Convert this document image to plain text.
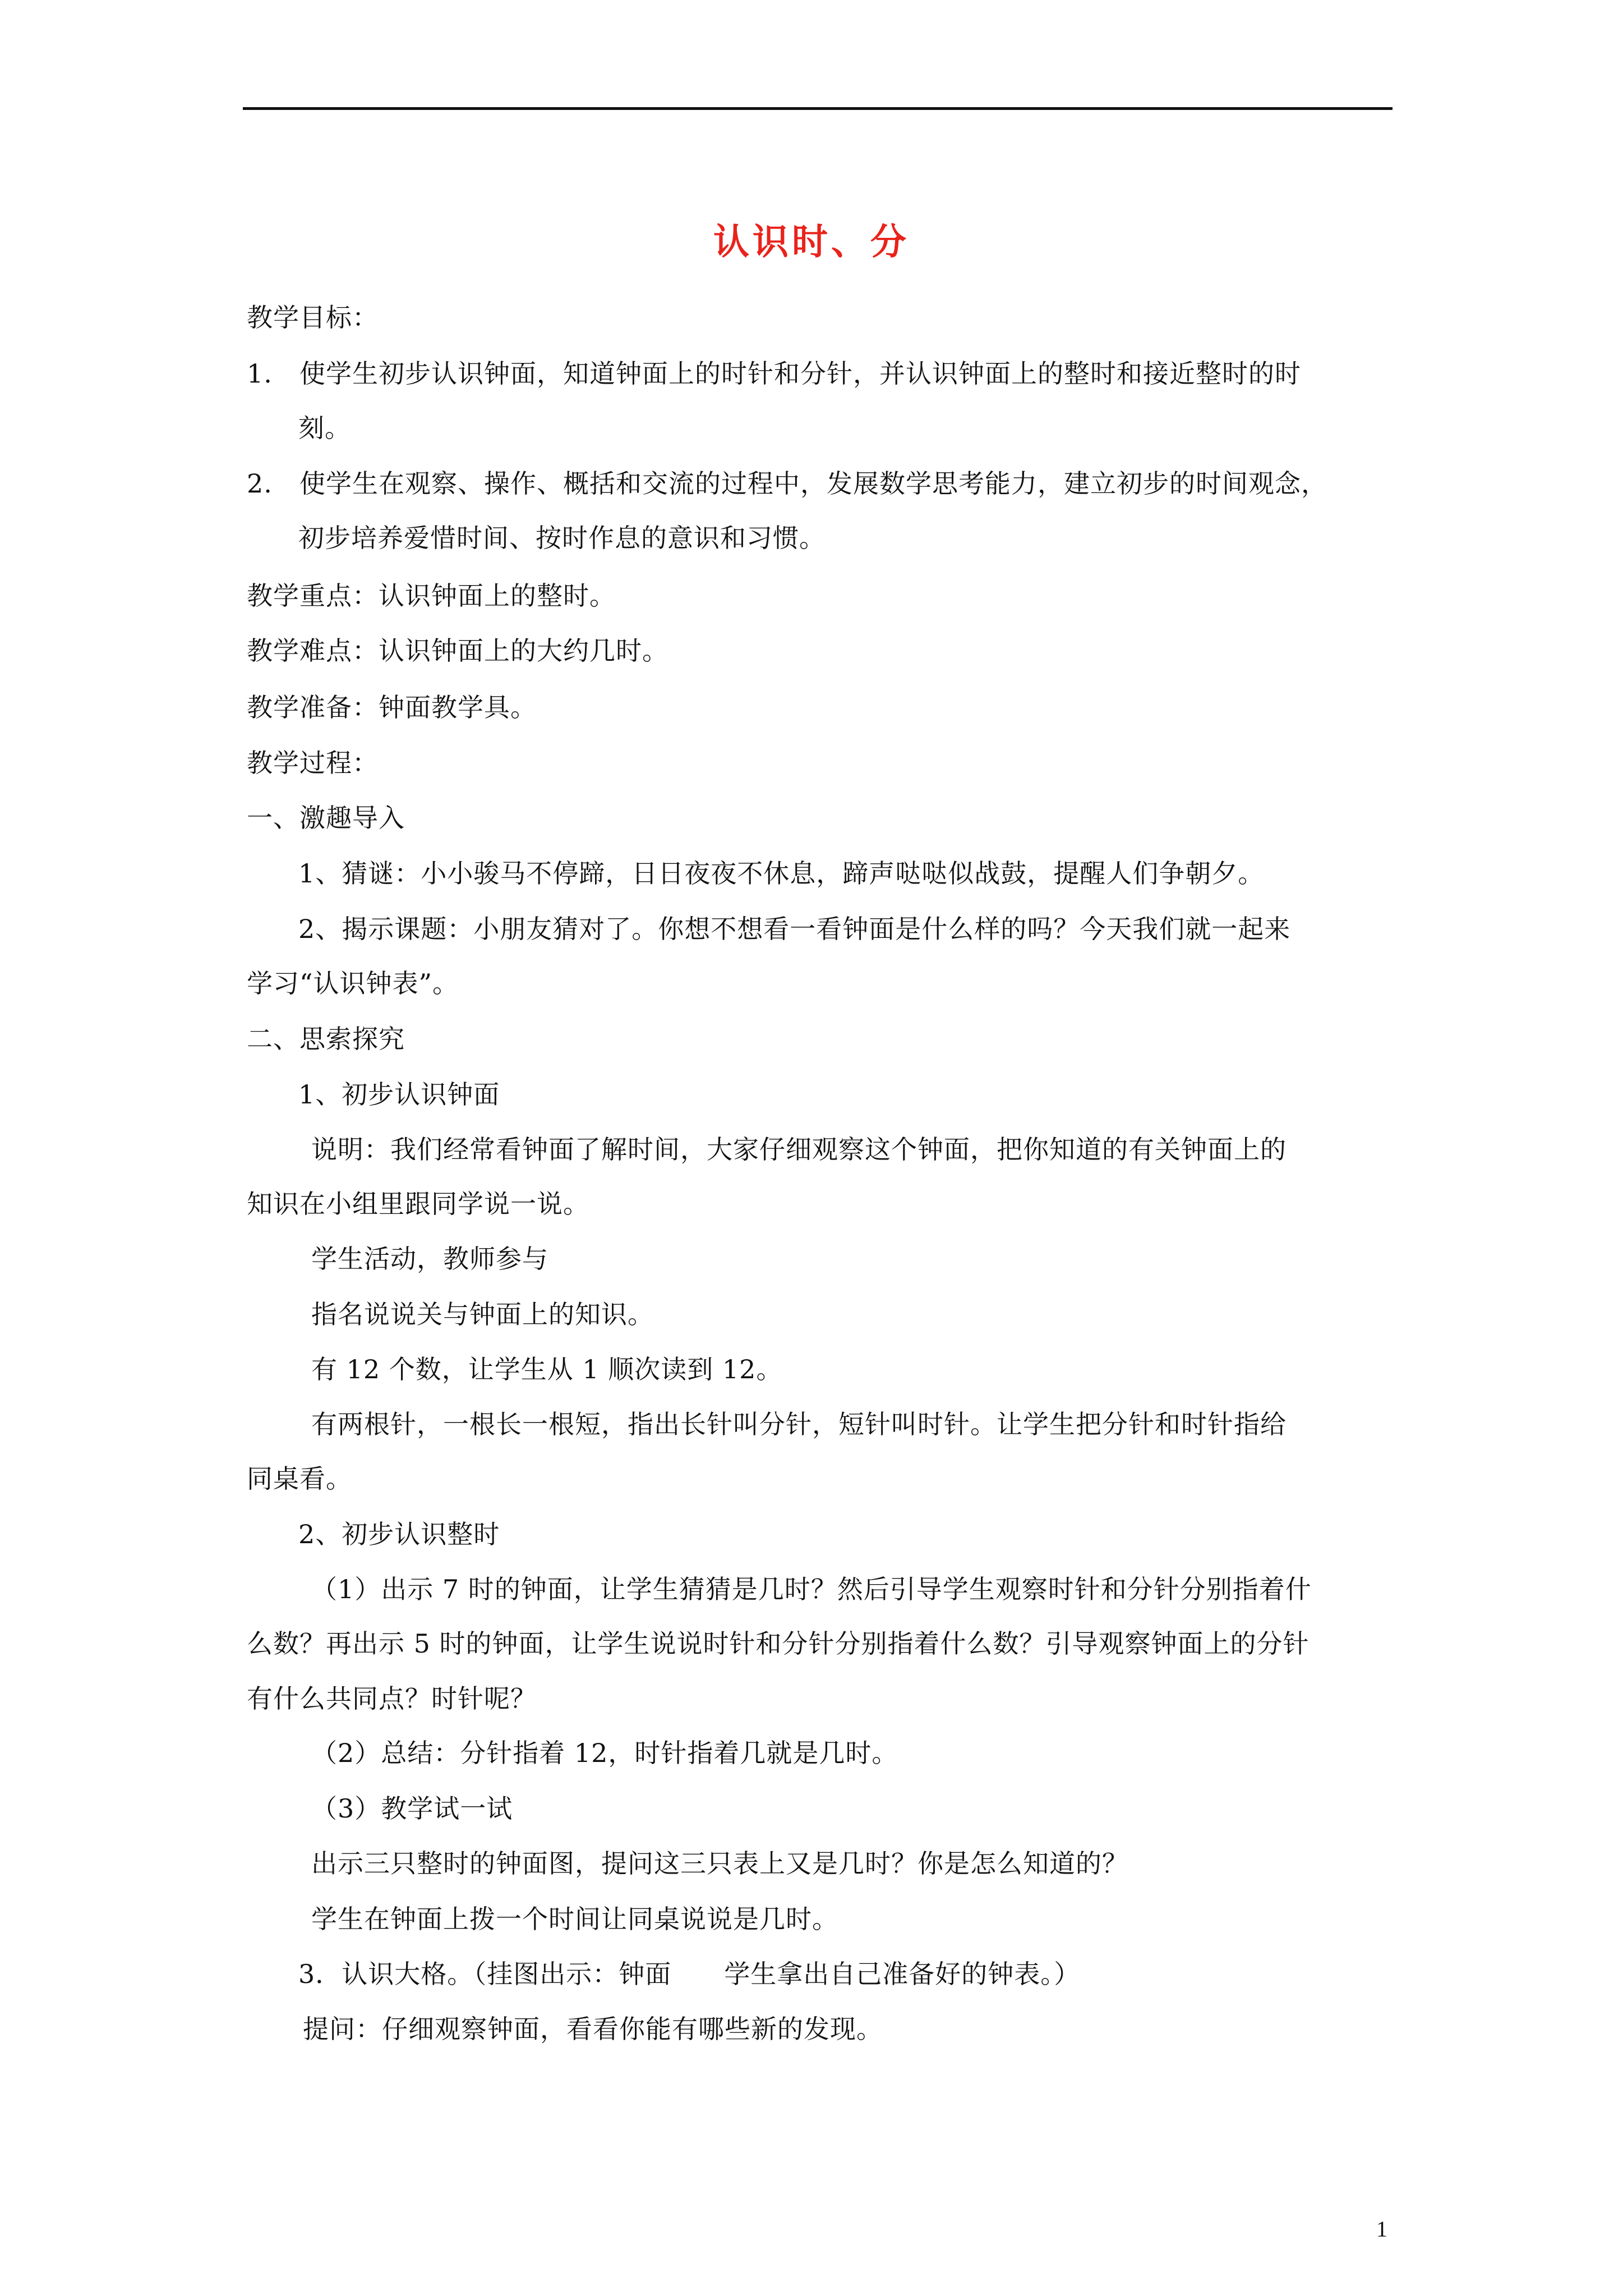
认识时、分
教学目标：
1. 使学生初步认识钟面，知道钟面上的时针和分针，并认识钟面上的整时和接近整时的时
刻。
2. 使学生在观察、操作、概括和交流的过程中，发展数学思考能力，建立初步的时间观念，
初步培养爱惜时间、按时作息的意识和习惯。
教学重点：认识钟面上的整时。
教学难点：认识钟面上的大约几时。
教学准备：钟面教学具。
教学过程：
一、激趣导入
1、猜谜：小小骏马不停蹄，日日夜夜不休息，蹄声哒哒似战鼓，提醒人们争朝夕。
2、揭示课题：小朋友猜对了。你想不想看一看钟面是什么样的吗？今天我们就一起来
学习“认识钟表”。
二、思索探究
1、初步认识钟面
说明：我们经常看钟面了解时间，大家仔细观察这个钟面，把你知道的有关钟面上的
知识在小组里跟同学说一说。
学生活动，教师参与
指名说说关与钟面上的知识。
有 12 个数，让学生从 1 顺次读到 12。
有两根针，一根长一根短，指出长针叫分针，短针叫时针。让学生把分针和时针指给
同桌看。
2、初步认识整时
（1）出示 7 时的钟面，让学生猜猜是几时？然后引导学生观察时针和分针分别指着什
么数？再出示 5 时的钟面，让学生说说时针和分针分别指着什么数？引导观察钟面上的分针
有什么共同点？时针呢？
（2）总结：分针指着 12，时针指着几就是几时。
（3）教学试一试
出示三只整时的钟面图，提问这三只表上又是几时？你是怎么知道的？
学生在钟面上拨一个时间让同桌说说是几时。
3．认识大格。（挂图出示：钟面　　学生拿出自己准备好的钟表。）
提问：仔细观察钟面，看看你能有哪些新的发现。
1
